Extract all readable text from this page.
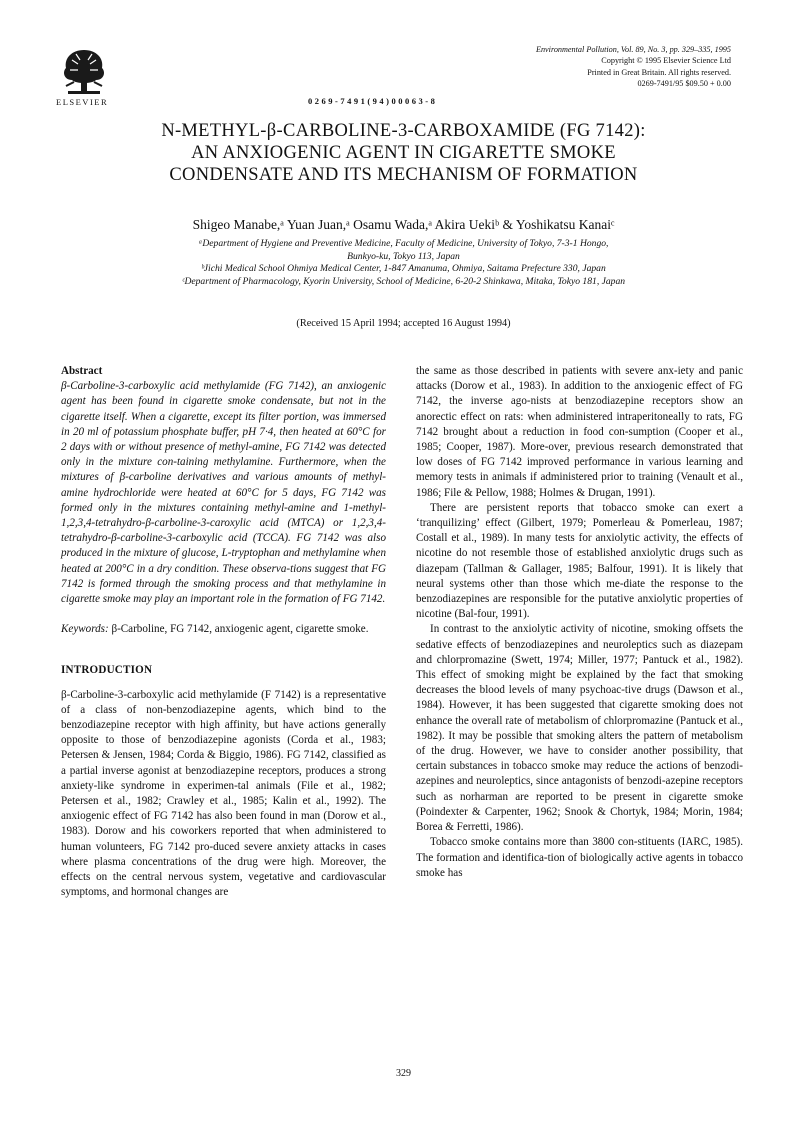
ELSEVIER	0269-7491(94)00063-8
Environmental Pollution, Vol. 89, No. 3, pp. 329–335, 1995
Copyright © 1995 Elsevier Science Ltd
Printed in Great Britain. All rights reserved.
0269-7491/95 $09.50 + 0.00
N-METHYL-β-CARBOLINE-3-CARBOXAMIDE (FG 7142):
AN ANXIOGENIC AGENT IN CIGARETTE SMOKE
CONDENSATE AND ITS MECHANISM OF FORMATION
Shigeo Manabe,ᵃ Yuan Juan,ᵃ Osamu Wada,ᵃ Akira Uekiᵇ & Yoshikatsu Kanaiᶜ
ᵃDepartment of Hygiene and Preventive Medicine, Faculty of Medicine, University of Tokyo, 7-3-1 Hongo,
Bunkyo-ku, Tokyo 113, Japan
ᵇJichi Medical School Ohmiya Medical Center, 1-847 Amanuma, Ohmiya, Saitama Prefecture 330, Japan
ᶜDepartment of Pharmacology, Kyorin University, School of Medicine, 6-20-2 Shinkawa, Mitaka, Tokyo 181, Japan
(Received 15 April 1994; accepted 16 August 1994)

Abstract

β-Carboline-3-carboxylic acid methylamide (FG 7142), an anxiogenic agent has been found in cigarette smoke condensate, but not in the cigarette itself. When a cigarette, except its filter portion, was immersed in 20 ml of potassium phosphate buffer, pH 7·4, then heated at 60°C for 2 days with or without presence of methyl-amine, FG 7142 was detected only in the mixture con-taining methylamine. Furthermore, when the mixtures of β-carboline derivatives and various amounts of methyl-amine hydrochloride were heated at 60°C for 5 days, FG 7142 was formed only in the mixtures containing methyl-amine and 1-methyl-1,2,3,4-tetrahydro-β-carboline-3-caroxylic acid (MTCA) or 1,2,3,4-tetrahydro-β-carboline-3-carboxylic acid (TCCA). FG 7142 was also produced in the mixture of glucose, L-tryptophan and methylamine when heated at 200°C in a dry condition. These observa-tions suggest that FG 7142 is formed through the smoking process and that methylamine in cigarette smoke may play an important role in the formation of FG 7142.

Keywords: β-Carboline, FG 7142, anxiogenic agent, cigarette smoke.

INTRODUCTION

β-Carboline-3-carboxylic acid methylamide (F 7142) is a representative of a class of non-benzodiazepine agents, which bind to the benzodiazepine receptor with high affinity, but have actions generally opposite to those of benzodiazepine agonists (Corda et al., 1983; Petersen & Jensen, 1984; Corda & Biggio, 1986). FG 7142, classified as a partial inverse agonist at benzodiazepine receptors, produces a strong anxiety-like syndrome in experimen-tal animals (File et al., 1982; Petersen et al., 1982; Crawley et al., 1985; Kalin et al., 1992). The anxiogenic effect of FG 7142 has also been found in man (Dorow et al., 1983). Dorow and his coworkers reported that when administered to human volunteers, FG 7142 pro-duced severe anxiety attacks in cases where plasma concentrations of the drug were high. Moreover, the effects on the central nervous system, vegetative and cardiovascular symptoms, and hormonal changes are

the same as those described in patients with severe anx-iety and panic attacks (Dorow et al., 1983). In addition to the anxiogenic effect of FG 7142, the inverse ago-nists at benzodiazepine receptors show an anorectic effect on rats: when administered intraperitoneally to rats, FG 7142 brought about a reduction in food con-sumption (Cooper et al., 1985; Cooper, 1987). More-over, previous research demonstrated that low doses of FG 7142 improved performance in various learning and memory tests in animals if administered prior to training (Venault et al., 1986; File & Pellow, 1988; Holmes & Drugan, 1991).

There are persistent reports that tobacco smoke can exert a ‘tranquilizing’ effect (Gilbert, 1979; Pomerleau & Pomerleau, 1987; Costall et al., 1989). In many tests for anxiolytic activity, the effects of nicotine do not resemble those of established anxiolytic drugs such as diazepam (Tallman & Gallager, 1985; Balfour, 1991). It is likely that neural systems other than those which me-diate the response to the benzodiazepines are responsible for the putative anxiolytic properties of nicotine (Bal-four, 1991).

In contrast to the anxiolytic activity of nicotine, smoking offsets the sedative effects of benzodiazepines and neuroleptics such as diazepam and chlorpromazine (Swett, 1974; Miller, 1977; Pantuck et al., 1982). This effect of smoking might be explained by the fact that smoking decreases the blood levels of many psychoac-tive drugs (Dawson et al., 1984). However, it has been suggested that cigarette smoking does not enhance the overall rate of metabolism of chlorpromazine (Pantuck et al., 1982). It may be possible that smoking alters the pattern of metabolism of the drug. However, we have to consider another possibility, that certain substances in tobacco smoke may reduce the actions of benzodi-azepines and neuroleptics, since antagonists of benzodi-azepine receptors such as norharman are reported to be present in cigarette smoke (Poindexter & Carpenter, 1962; Snook & Chortyk, 1984; Morin, 1984; Borea & Ferretti, 1986).

Tobacco smoke contains more than 3800 con-stituents (IARC, 1985). The formation and identifica-tion of biologically active agents in tobacco smoke has

329
